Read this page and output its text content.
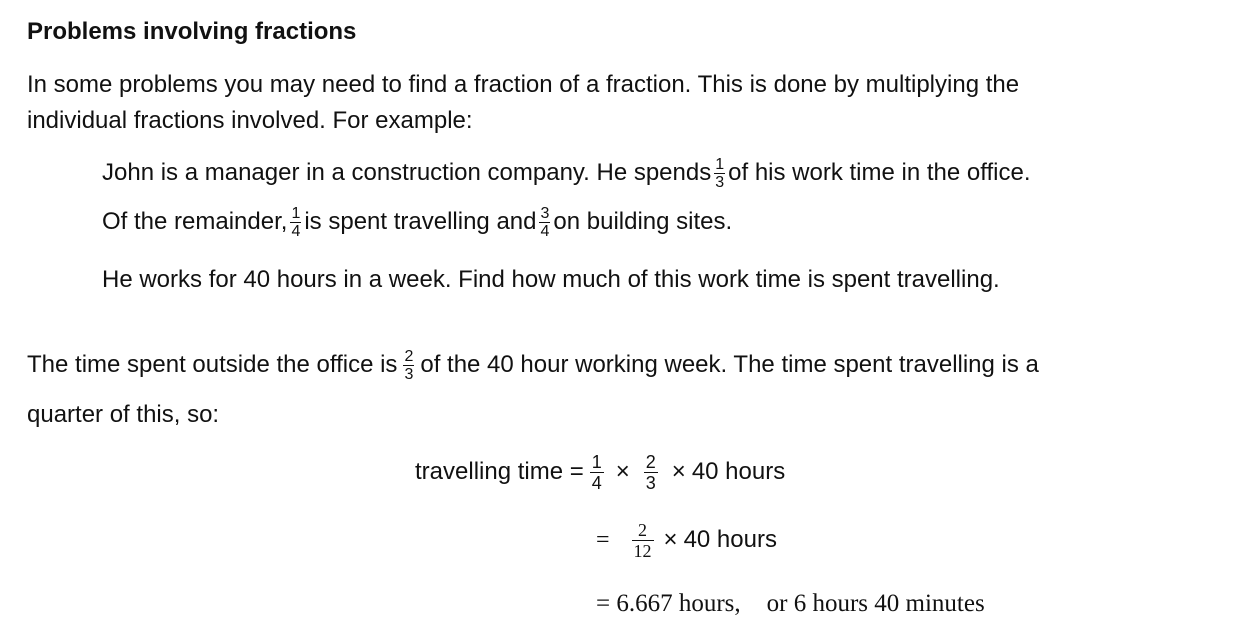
Problems involving fractions
In some problems you may need to find a fraction of a fraction. This is done by multiplying the
individual fractions involved. For example:
John is a manager in a construction company. He spends $\frac{1}{3}$ of his work time in the office.
Of the remainder, $\frac{1}{4}$ is spent travelling and $\frac{3}{4}$ on building sites.
He works for 40 hours in a week. Find how much of this work time is spent travelling.
The time spent outside the office is $\frac{2}{3}$ of the 40 hour working week. The time spent travelling is a
quarter of this, so:
travelling time = $\frac{1}{4} \times \frac{2}{3} \times 40$ hours
= $\frac{2}{12} \times 40$ hours
= 6.667 hours, or 6 hours 40 minutes
